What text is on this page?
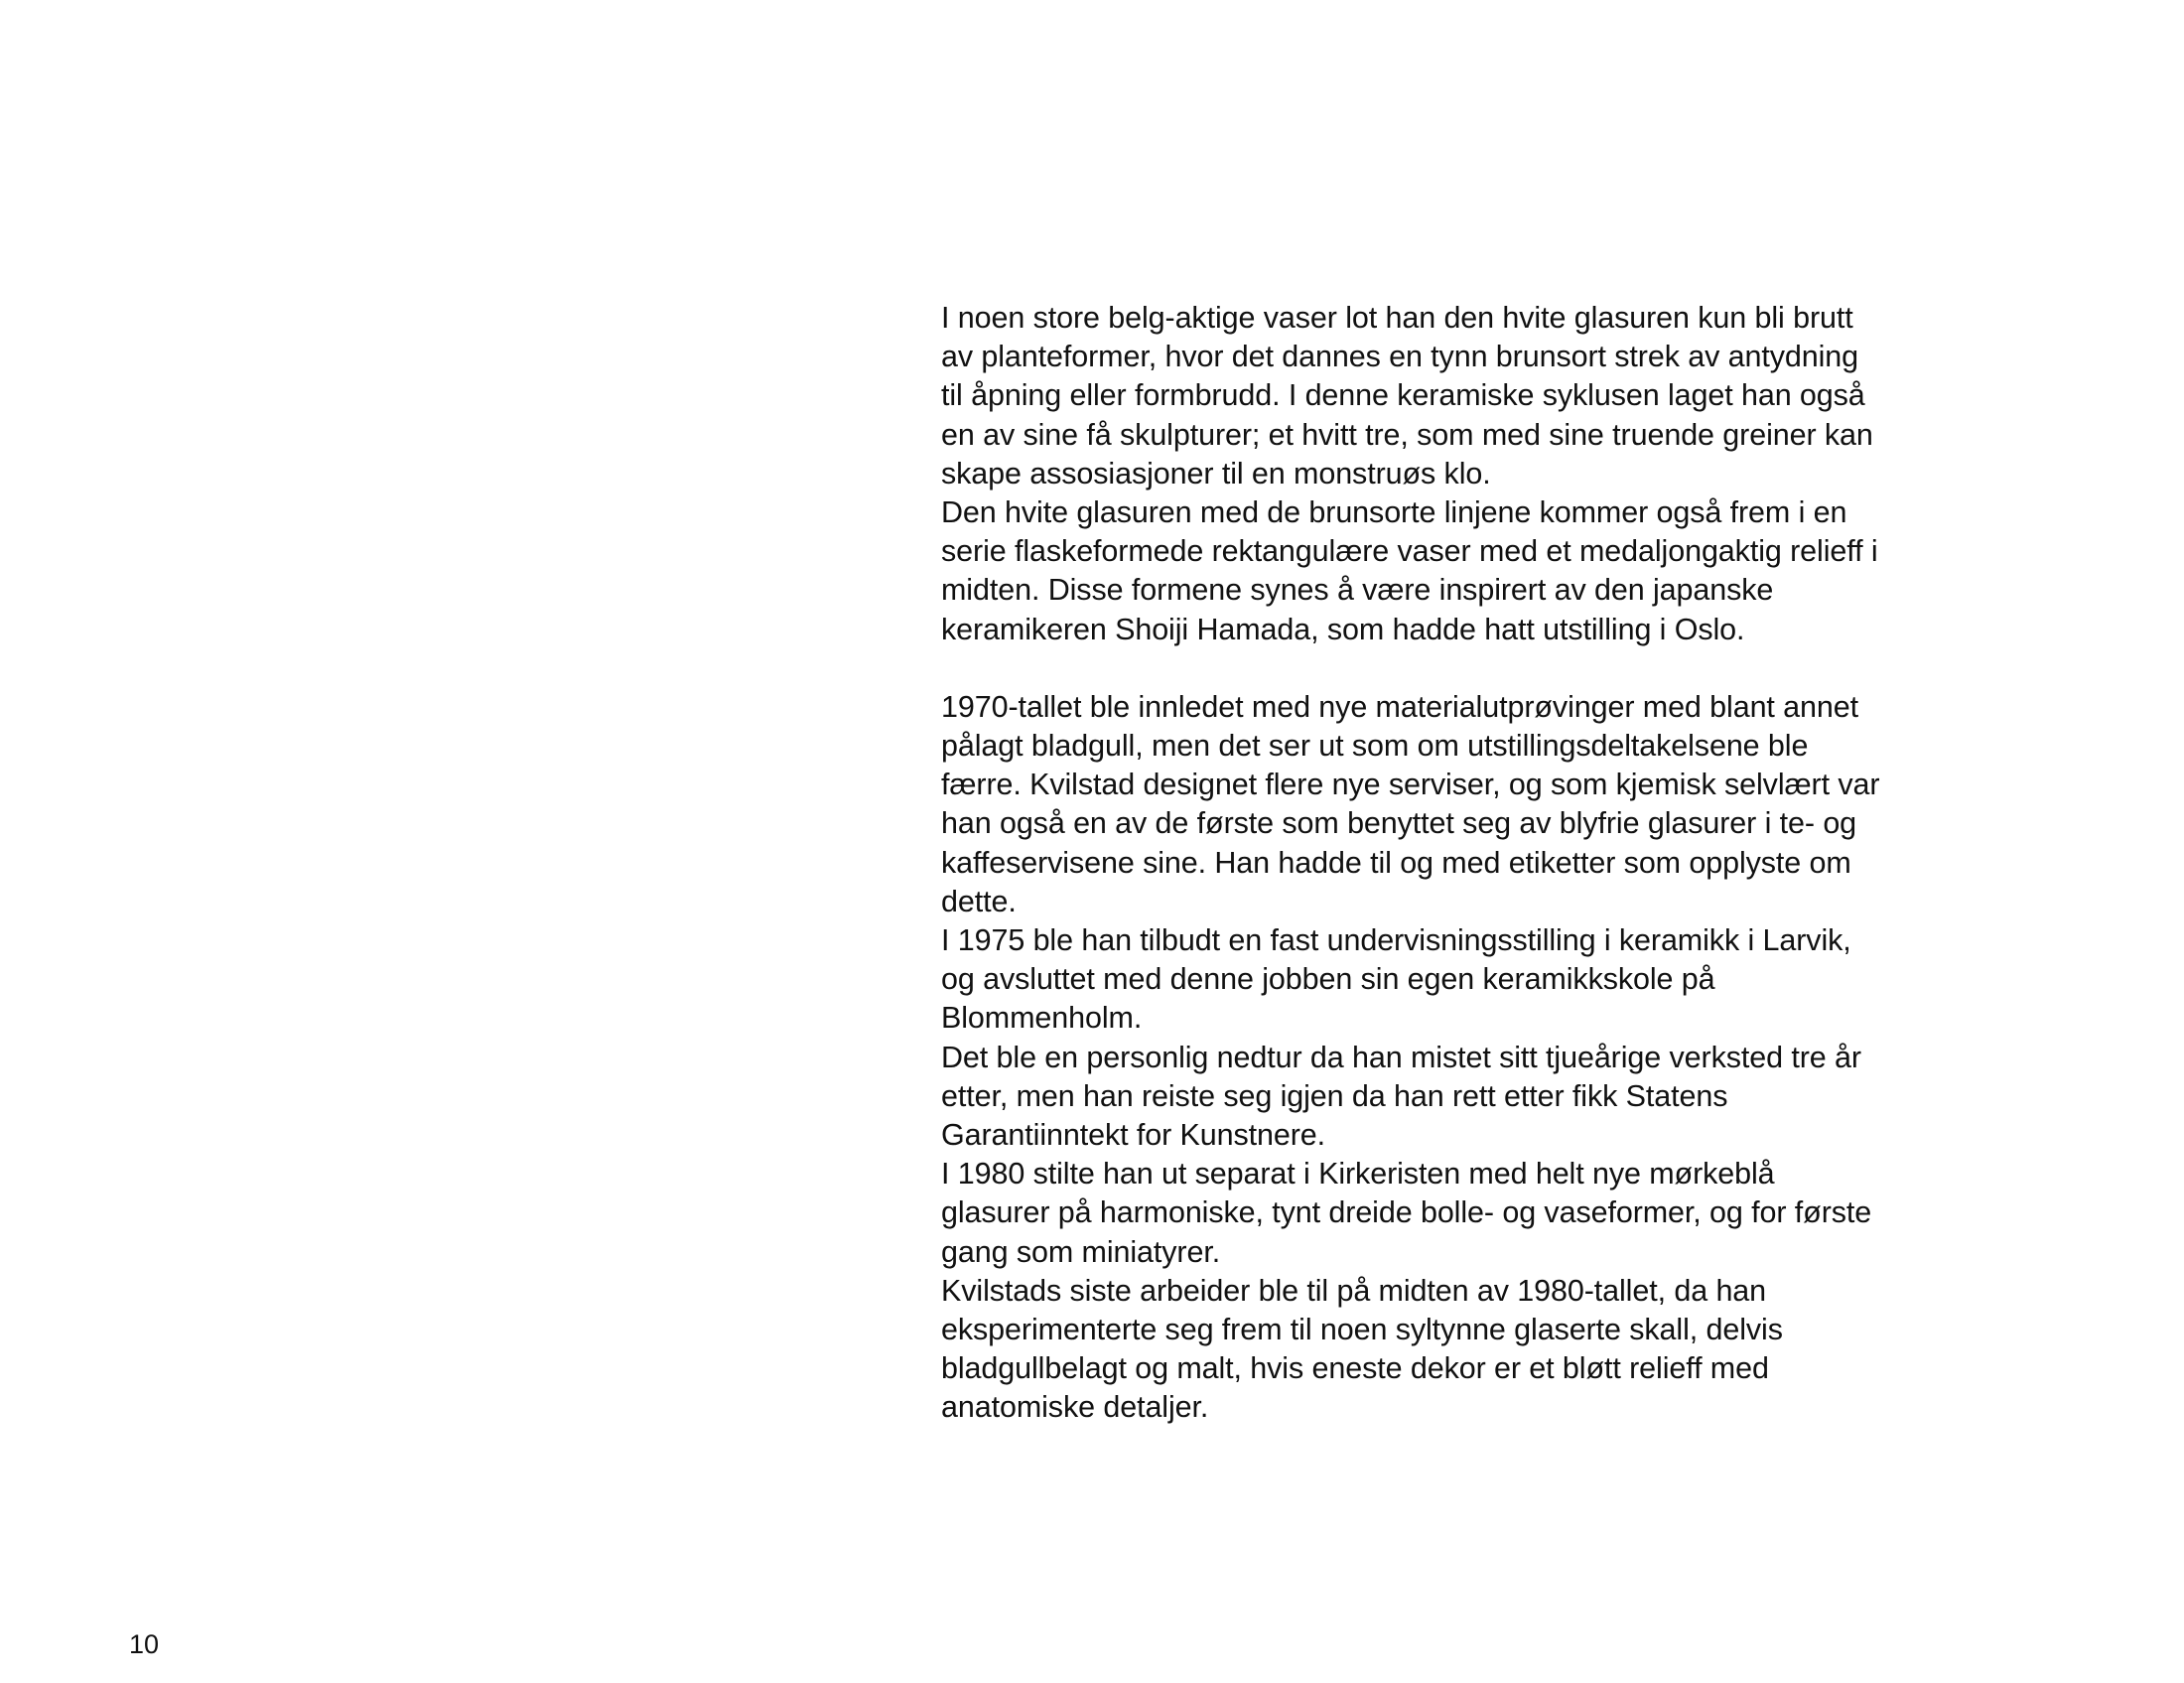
I noen store belg-aktige vaser lot han den hvite glasuren kun bli brutt
av planteformer, hvor det dannes en tynn brunsort strek av antydning
til åpning eller formbrudd. I denne keramiske syklusen laget han også
en av sine få skulpturer; et hvitt tre, som med sine truende greiner kan
skape assosiasjoner til en monstruøs klo.
Den hvite glasuren med de brunsorte linjene kommer også frem i en
serie flaskeformede rektangulære vaser med et medaljongaktig relieff i
midten. Disse formene synes å være inspirert av den japanske
keramikeren Shoiji Hamada, som hadde hatt utstilling i Oslo.
1970-tallet ble innledet med nye materialutprøvinger med blant annet
pålagt bladgull, men det ser ut som om utstillingsdeltakelsene ble
færre. Kvilstad designet flere nye serviser, og som kjemisk selvlært var
han også en av de første som benyttet seg av blyfrie glasurer i te- og
kaffeservisene sine. Han hadde til og med etiketter som opplyste om
dette.
I 1975 ble han tilbudt en fast undervisningsstilling i keramikk i Larvik,
og avsluttet med denne jobben sin egen keramikkskole på
Blommenholm.
Det ble en personlig nedtur da han mistet sitt tjueårige verksted tre år
etter, men han reiste seg igjen da han rett etter fikk Statens
Garantiinntekt for Kunstnere.
I 1980 stilte han ut separat i Kirkeristen med helt nye mørkeblå
glasurer på harmoniske, tynt dreide bolle- og vaseformer, og for første
gang som miniatyrer.
Kvilstads siste arbeider ble til på midten av 1980-tallet, da han
eksperimenterte seg frem til noen syltynne glaserte skall, delvis
bladgullbelagt og malt, hvis eneste dekor er et bløtt relieff med
anatomiske detaljer.
10
